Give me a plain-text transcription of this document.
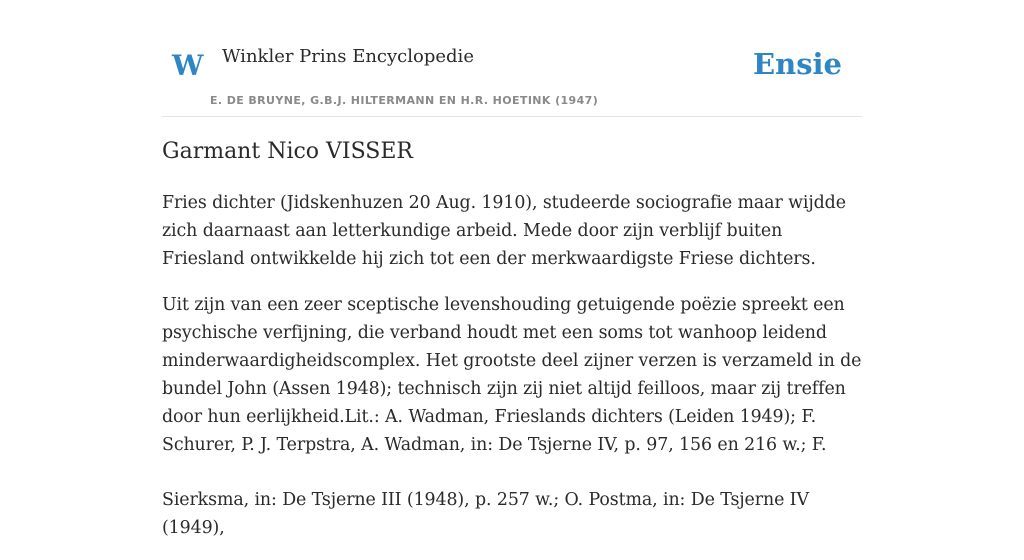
W Winkler Prins Encyclopedie
E. DE BRUYNE, G.B.J. HILTERMANN EN H.R. HOETINK (1947)
Ensie
Garmant Nico VISSER

Fries dichter (Jidskenhuzen 20 Aug. 1910), studeerde sociografie maar wijdde zich daarnaast aan letterkundige arbeid. Mede door zijn verblijf buiten Friesland ontwikkelde hij zich tot een der merkwaardigste Friese dichters.

Uit zijn van een zeer sceptische levenshouding getuigende poëzie spreekt een psychische verfijning, die verband houdt met een soms tot wanhoop leidend minderwaardigheidscomplex. Het grootste deel zijner verzen is verzameld in de bundel John (Assen 1948); technisch zijn zij niet altijd feilloos, maar zij treffen door hun eerlijkheid.Lit.: A. Wadman, Frieslands dichters (Leiden 1949); F. Schurer, P. J. Terpstra, A. Wadman, in: De Tsjerne IV, p. 97, 156 en 216 w.; F.

Sierksma, in: De Tsjerne III (1948), p. 257 w.; O. Postma, in: De Tsjerne IV (1949),
